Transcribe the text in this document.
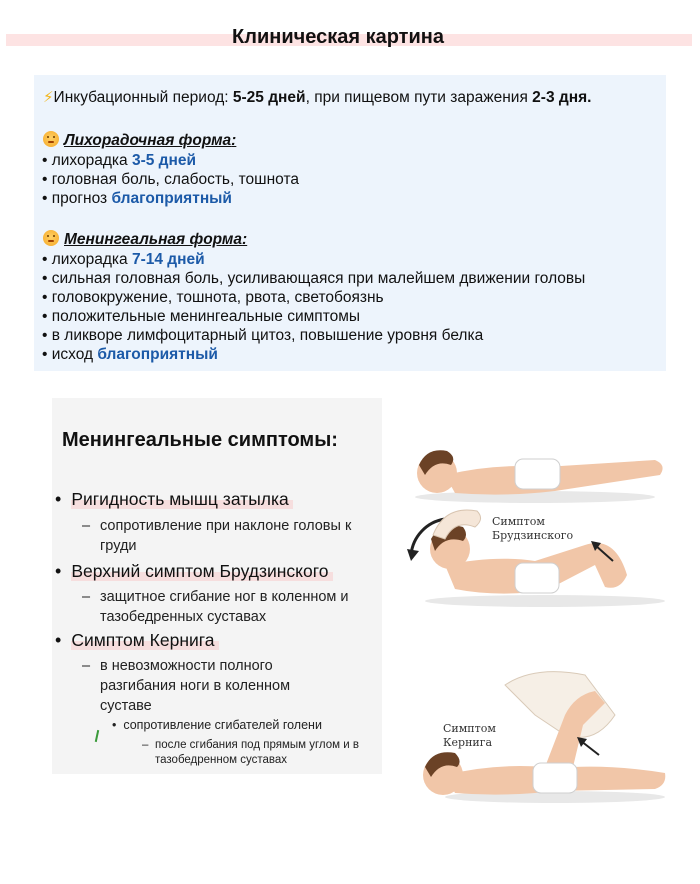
Клиническая картина
⚡Инкубационный период: 5-25 дней, при пищевом пути заражения 2-3 дня.
Лихорадочная форма:
• лихорадка 3-5 дней
• головная боль, слабость, тошнота
• прогноз благоприятный
Менингеальная форма:
• лихорадка 7-14 дней
• сильная головная боль, усиливающаяся при малейшем движении головы
• головокружение, тошнота, рвота, светобоязнь
• положительные менингеальные симптомы
• в ликворе лимфоцитарный цитоз, повышение уровня белка
• исход благоприятный
Менингеальные симптомы:
• Ригидность мышц затылка
– сопротивление при наклоне головы к груди
• Верхний симптом Брудзинского
– защитное сгибание ног в коленном и тазобедренных суставах
• Симптом Кернига
– в невозможности полного разгибания ноги в коленном суставе
•  сопротивление сгибателей голени
– после сгибания под прямым углом и в тазобедренном суставах
Симптом
Брудзинского
Симптом
Кернига
